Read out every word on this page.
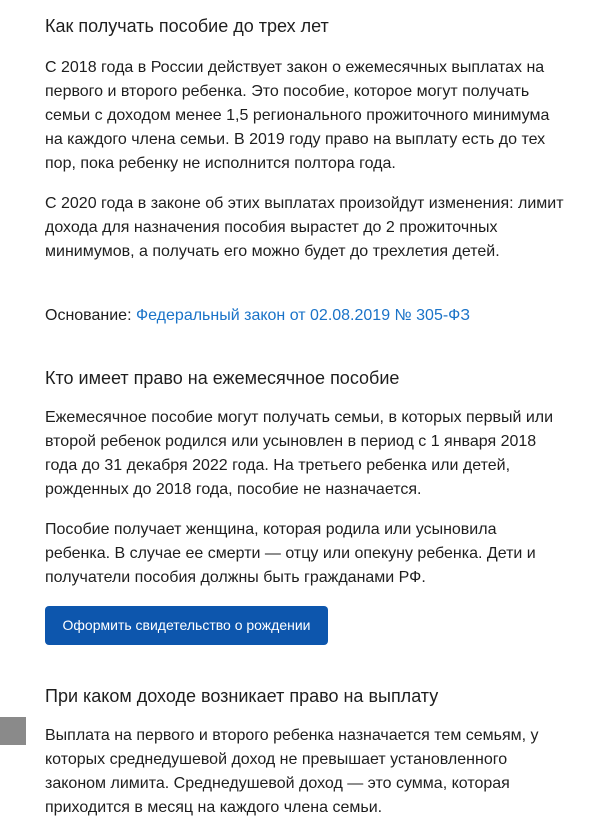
Как получать пособие до трех лет

С 2018 года в России действует закон о ежемесячных выплатах на первого и второго ребенка. Это пособие, которое могут получать семьи с доходом менее 1,5 регионального прожиточного минимума на каждого члена семьи. В 2019 году право на выплату есть до тех пор, пока ребенку не исполнится полтора года.

С 2020 года в законе об этих выплатах произойдут изменения: лимит дохода для назначения пособия вырастет до 2 прожиточных минимумов, а получать его можно будет до трехлетия детей.

Основание: Федеральный закон от 02.08.2019 № 305-ФЗ

Кто имеет право на ежемесячное пособие

Ежемесячное пособие могут получать семьи, в которых первый или второй ребенок родился или усыновлен в период с 1 января 2018 года до 31 декабря 2022 года. На третьего ребенка или детей, рожденных до 2018 года, пособие не назначается.

Пособие получает женщина, которая родила или усыновила ребенка. В случае ее смерти — отцу или опекуну ребенка. Дети и получатели пособия должны быть гражданами РФ.

Оформить свидетельство о рождении
При каком доходе возникает право на выплату

Выплата на первого и второго ребенка назначается тем семьям, у которых среднедушевой доход не превышает установленного законом лимита. Среднедушевой доход — это сумма, которая приходится в месяц на каждого члена семьи.
